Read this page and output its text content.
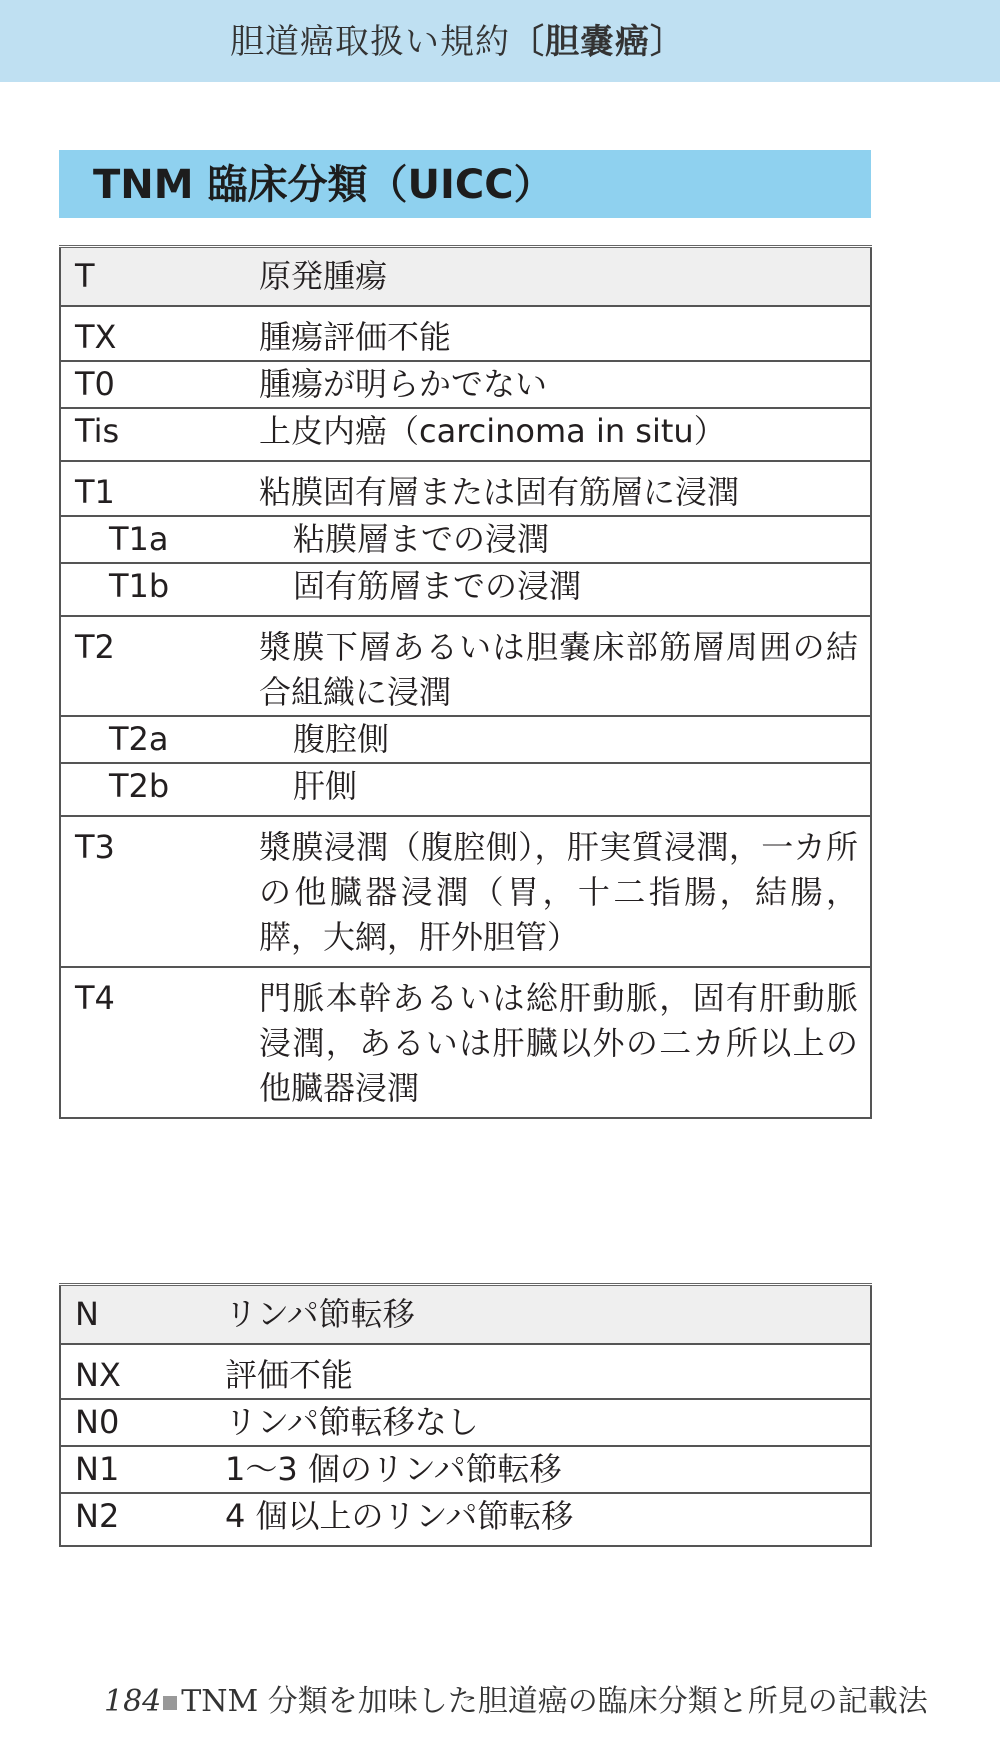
胆道癌取扱い規約〔胆嚢癌〕
TNM 臨床分類（UICC）
T	原発腫瘍
TX	腫瘍評価不能
T0	腫瘍が明らかでない
Tis	上皮内癌（carcinoma in situ）
T1	粘膜固有層または固有筋層に浸潤
T1a	粘膜層までの浸潤
T1b	固有筋層までの浸潤
T2	漿膜下層あるいは胆嚢床部筋層周囲の結合組織に浸潤
T2a	腹腔側
T2b	肝側
T3	漿膜浸潤（腹腔側），肝実質浸潤，一カ所の他臓器浸潤（胃，十二指腸，結腸，膵，大網，肝外胆管）
T4	門脈本幹あるいは総肝動脈，固有肝動脈浸潤，あるいは肝臓以外の二カ所以上の他臓器浸潤
N	リンパ節転移
NX	評価不能
N0	リンパ節転移なし
N1	1～3 個のリンパ節転移
N2	4 個以上のリンパ節転移
184 TNM 分類を加味した胆道癌の臨床分類と所見の記載法
